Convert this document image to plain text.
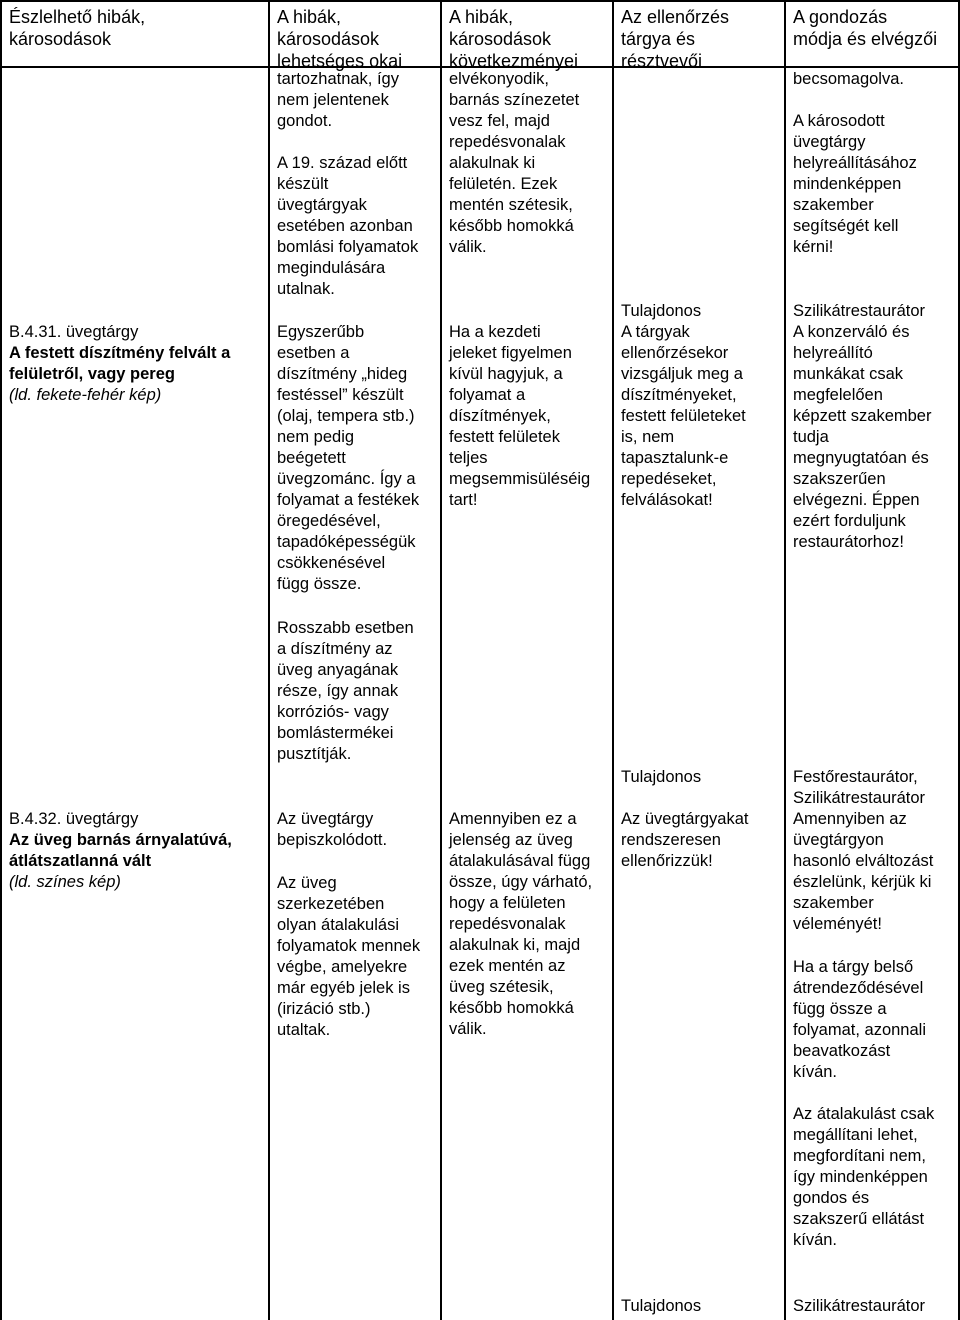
Észlelhető hibák,
károsodások
A hibák,
károsodások
lehetséges okai
A hibák,
károsodások
következményei
Az ellenőrzés
tárgya és
résztvevői
A gondozás
módja és elvégzői
tartozhatnak, így
nem jelentenek
gondot.
A 19. század előtt
készült
üvegtárgyak
esetében azonban
bomlási folyamatok
megindulására
utalnak.
elvékonyodik,
barnás színezetet
vesz fel, majd
repedésvonalak
alakulnak ki
felületén. Ezek
mentén szétesik,
később homokká
válik.
becsomagolva.
A károsodott
üvegtárgy
helyreállításához
mindenképpen
szakember
segítségét kell
kérni!
B.4.31. üvegtárgy
A festett díszítmény felvált a
felületről, vagy pereg
(ld. fekete-fehér kép)
Egyszerűbb
esetben a
díszítmény „hideg
festéssel” készült
(olaj, tempera stb.)
nem pedig
beégetett
üvegzománc. Így a
folyamat a festékek
öregedésével,
tapadóképességük
csökkenésével
függ össze.
Rosszabb esetben
a díszítmény az
üveg anyagának
része, így annak
korróziós- vagy
bomlástermékei
pusztítják.
Ha a kezdeti
jeleket figyelmen
kívül hagyjuk, a
folyamat a
díszítmények,
festett felületek
teljes
megsemmisüléséig
tart!
Tulajdonos
A tárgyak
ellenőrzésekor
vizsgáljuk meg a
díszítményeket,
festett felületeket
is, nem
tapasztalunk-e
repedéseket,
felválásokat!
Szilikátrestaurátor
A konzerváló és
helyreállító
munkákat csak
megfelelően
képzett szakember
tudja
megnyugtatóan és
szakszerűen
elvégezni. Éppen
ezért forduljunk
restaurátorhoz!
B.4.32. üvegtárgy
Az üveg barnás árnyalatúvá,
átlátszatlanná vált
(ld. színes kép)
Az üvegtárgy
bepiszkolódott.
Az üveg
szerkezetében
olyan átalakulási
folyamatok mennek
végbe, amelyekre
már egyéb jelek is
(irizáció stb.)
utaltak.
Amennyiben ez a
jelenség az üveg
átalakulásával függ
össze, úgy várható,
hogy a felületen
repedésvonalak
alakulnak ki, majd
ezek mentén az
üveg szétesik,
később homokká
válik.
Tulajdonos
Az üvegtárgyakat
rendszeresen
ellenőrizzük!
Festőrestaurátor,
Szilikátrestaurátor
Amennyiben az
üvegtárgyon
hasonló elváltozást
észlelünk, kérjük ki
szakember
véleményét!
Ha a tárgy belső
átrendeződésével
függ össze a
folyamat, azonnali
beavatkozást
kíván.
Az átalakulást csak
megállítani lehet,
megfordítani nem,
így mindenképpen
gondos és
szakszerű ellátást
kíván.
Tulajdonos	Szilikátrestaurátor
